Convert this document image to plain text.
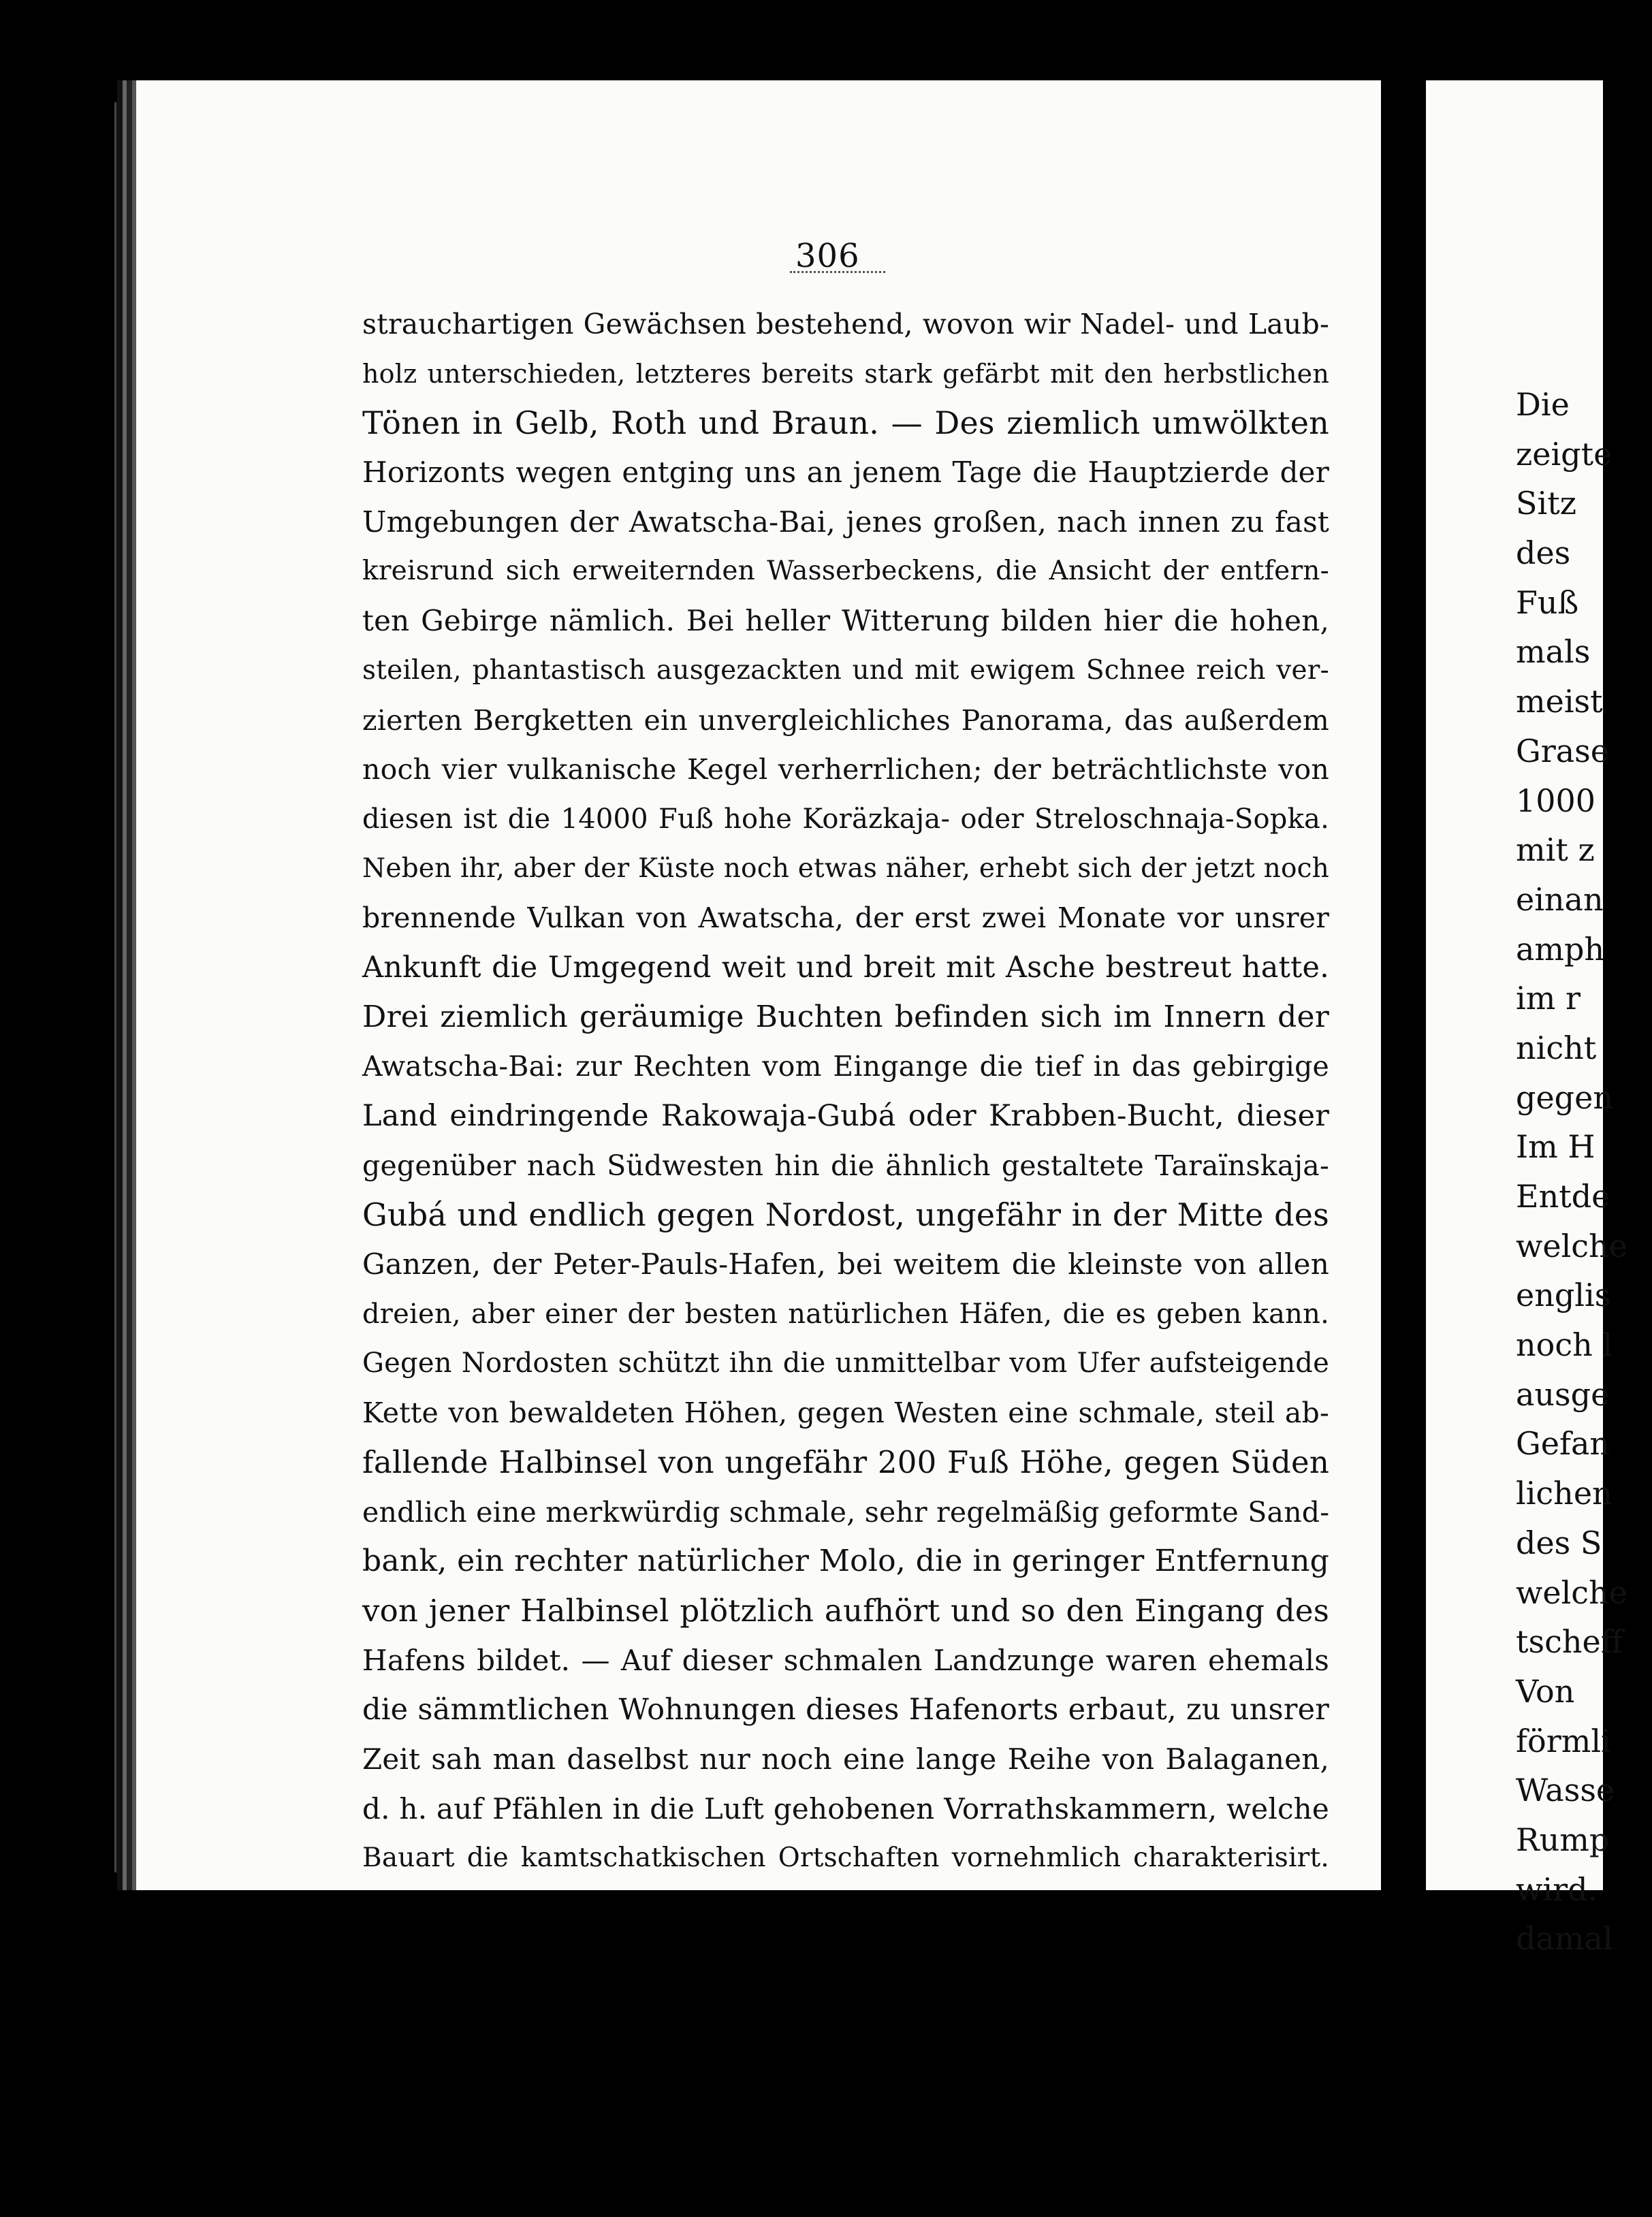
306
strauchartigen Gewächsen bestehend, wovon wir Nadel- und Laub-
holz unterschieden, letzteres bereits stark gefärbt mit den herbstlichen
Tönen in Gelb, Roth und Braun. — Des ziemlich umwölkten
Horizonts wegen entging uns an jenem Tage die Hauptzierde der
Umgebungen der Awatscha-Bai, jenes großen, nach innen zu fast
kreisrund sich erweiternden Wasserbeckens, die Ansicht der entfern-
ten Gebirge nämlich. Bei heller Witterung bilden hier die hohen,
steilen, phantastisch ausgezackten und mit ewigem Schnee reich ver-
zierten Bergketten ein unvergleichliches Panorama, das außerdem
noch vier vulkanische Kegel verherrlichen; der beträchtlichste von
diesen ist die 14000 Fuß hohe Koräzkaja- oder Streloschnaja-Sopka.
Neben ihr, aber der Küste noch etwas näher, erhebt sich der jetzt noch
brennende Vulkan von Awatscha, der erst zwei Monate vor unsrer
Ankunft die Umgegend weit und breit mit Asche bestreut hatte.
Drei ziemlich geräumige Buchten befinden sich im Innern der
Awatscha-Bai: zur Rechten vom Eingange die tief in das gebirgige
Land eindringende Rakowaja-Gubá oder Krabben-Bucht, dieser
gegenüber nach Südwesten hin die ähnlich gestaltete Taraïnskaja-
Gubá und endlich gegen Nordost, ungefähr in der Mitte des
Ganzen, der Peter-Pauls-Hafen, bei weitem die kleinste von allen
dreien, aber einer der besten natürlichen Häfen, die es geben kann.
Gegen Nordosten schützt ihn die unmittelbar vom Ufer aufsteigende
Kette von bewaldeten Höhen, gegen Westen eine schmale, steil ab-
fallende Halbinsel von ungefähr 200 Fuß Höhe, gegen Süden
endlich eine merkwürdig schmale, sehr regelmäßig geformte Sand-
bank, ein rechter natürlicher Molo, die in geringer Entfernung
von jener Halbinsel plötzlich aufhört und so den Eingang des
Hafens bildet. — Auf dieser schmalen Landzunge waren ehemals
die sämmtlichen Wohnungen dieses Hafenorts erbaut, zu unsrer
Zeit sah man daselbst nur noch eine lange Reihe von Balaganen,
d. h. auf Pfählen in die Luft gehobenen Vorrathskammern, welche
Bauart die kamtschatkischen Ortschaften vornehmlich charakterisirt.
Die
zeigte
Sitz
des
Fuß
mals
meist
Grase
1000
mit z
einan
amph
im r
nicht
gegen
Im H
Entde
welche
englis
noch l
ausge
Gefan
lichen
des S
welche
tscheff
Von
förmli
Wasse
Rump
wird.
damal
